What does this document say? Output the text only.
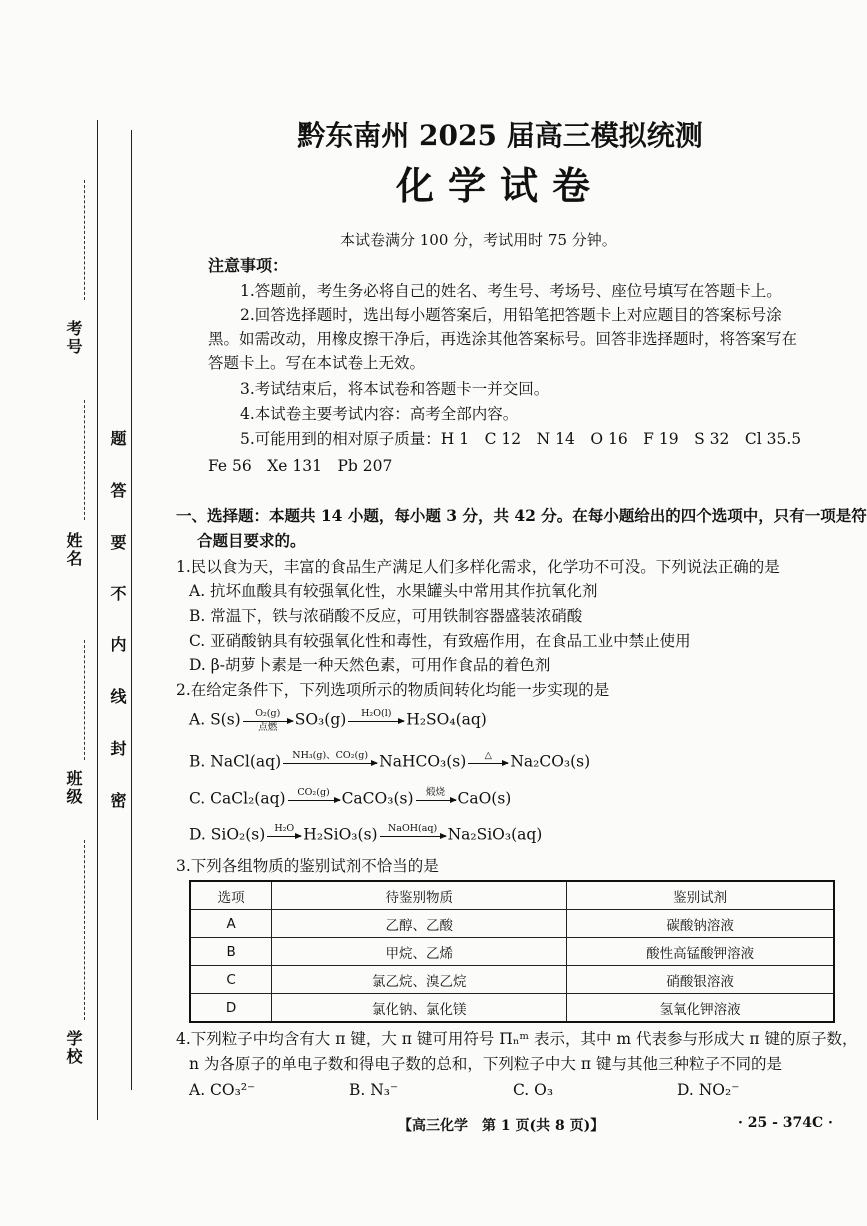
考号
姓名
班级
学校
题
答
要
不
内
线
封
密
黔东南州 2025 届高三模拟统测
化学试卷
本试卷满分 100 分，考试用时 75 分钟。
注意事项：
1.答题前，考生务必将自己的姓名、考生号、考场号、座位号填写在答题卡上。
2.回答选择题时，选出每小题答案后，用铅笔把答题卡上对应题目的答案标号涂
黑。如需改动，用橡皮擦干净后，再选涂其他答案标号。回答非选择题时，将答案写在
答题卡上。写在本试卷上无效。
3.考试结束后，将本试卷和答题卡一并交回。
4.本试卷主要考试内容：高考全部内容。
5.可能用到的相对原子质量：H 1　C 12　N 14　O 16　F 19　S 32　Cl 35.5
Fe 56　Xe 131　Pb 207
一、选择题：本题共 14 小题，每小题 3 分，共 42 分。在每小题给出的四个选项中，只有一项是符
合题目要求的。
1.民以食为天，丰富的食品生产满足人们多样化需求，化学功不可没。下列说法正确的是
A. 抗坏血酸具有较强氧化性，水果罐头中常用其作抗氧化剂
B. 常温下，铁与浓硝酸不反应，可用铁制容器盛装浓硝酸
C. 亚硝酸钠具有较强氧化性和毒性，有致癌作用，在食品工业中禁止使用
D. β-胡萝卜素是一种天然色素，可用作食品的着色剂
2.在给定条件下，下列选项所示的物质间转化均能一步实现的是
A. S(s)	O₂(g)
点燃	SO₃(g)	H₂O(l)
H₂SO₄(aq)
B. NaCl(aq)	NH₃(g)、CO₂(g)
NaHCO₃(s)	△
	Na₂CO₃(s)
C. CaCl₂(aq)	CO₂(g)
CaCO₃(s)	煅烧
CaO(s)
D. SiO₂(s) H₂O
H₂SiO₃(s)	NaOH(aq)
Na₂SiO₃(aq)
3.下列各组物质的鉴别试剂不恰当的是
选项	待鉴别物质	鉴别试剂
A	乙醇、乙酸	碳酸钠溶液
B	甲烷、乙烯	酸性高锰酸钾溶液
C	氯乙烷、溴乙烷	硝酸银溶液
D	氯化钠、氯化镁	氢氧化钾溶液
4.下列粒子中均含有大 π 键，大 π 键可用符号 Πₙᵐ 表示，其中 m 代表参与形成大 π 键的原子数，
n 为各原子的单电子数和得电子数的总和，下列粒子中大 π 键与其他三种粒子不同的是
A. CO₃²⁻	B. N₃⁻	C. O₃	D. NO₂⁻
【高三化学　第 1 页(共 8 页)】	· 25 - 374C ·
